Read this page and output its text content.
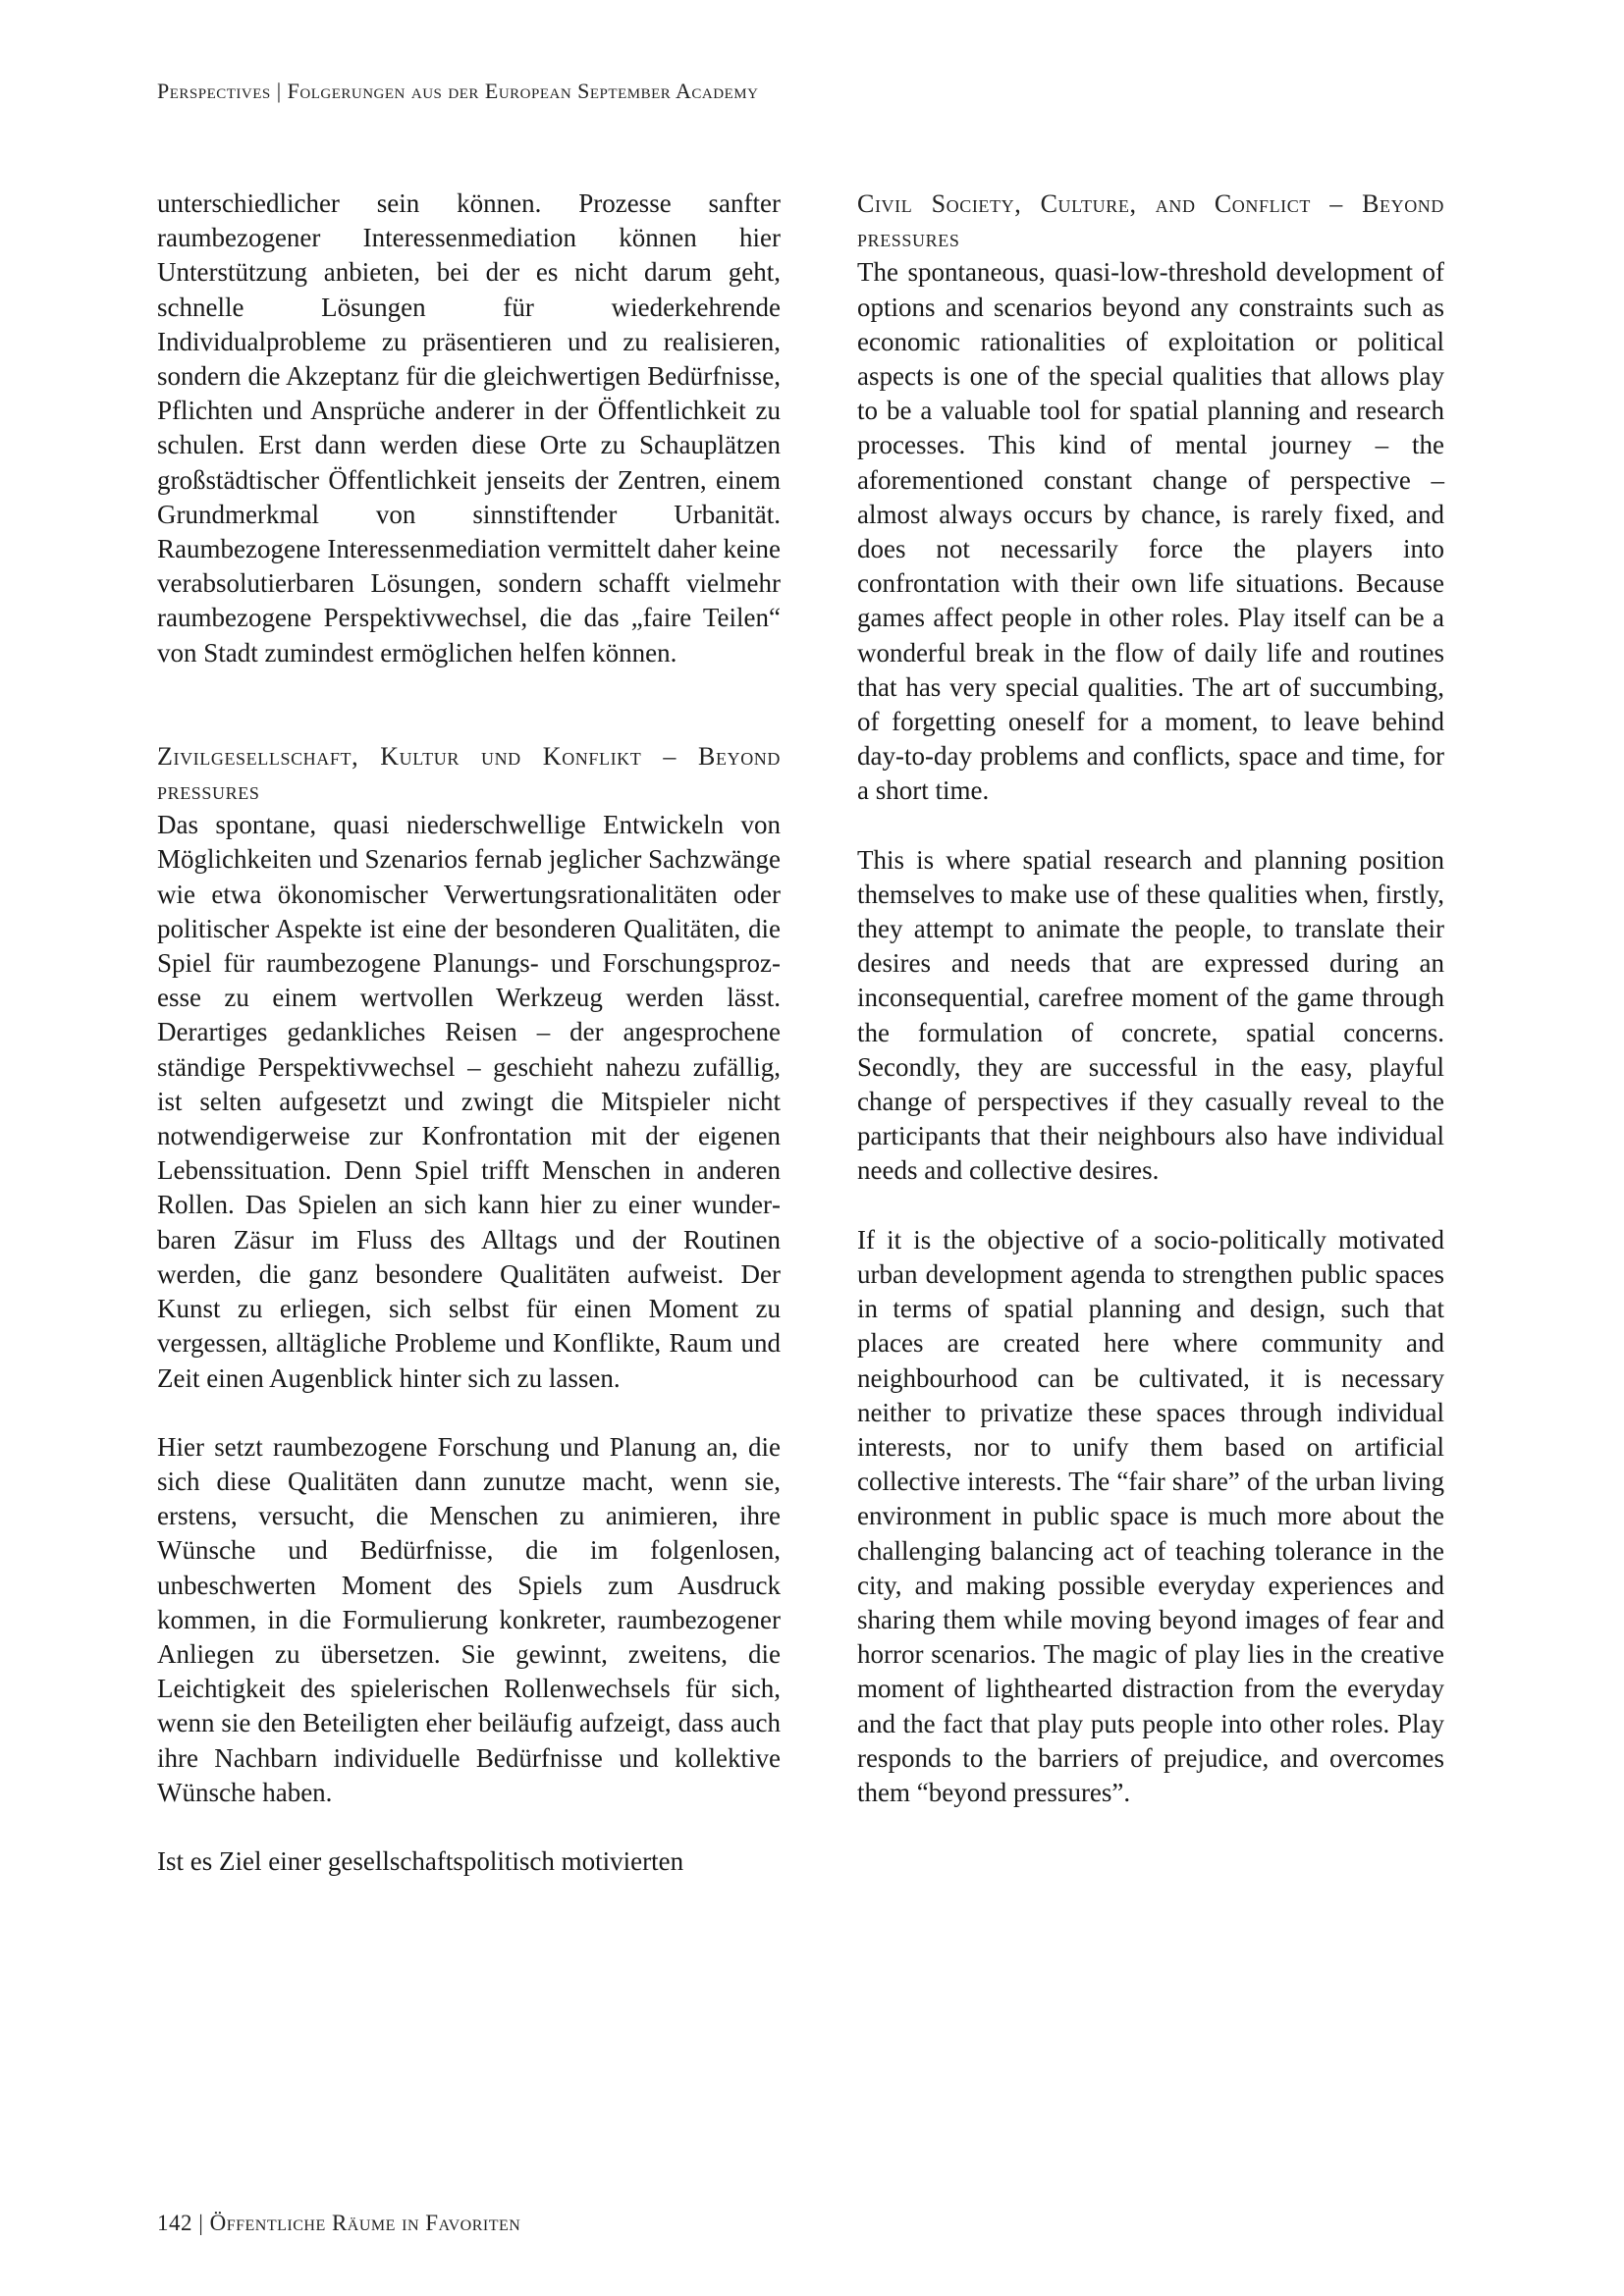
Perspectives | Folgerungen aus der European September Academy

unterschiedlicher sein können. Prozesse sanfter raumbezogener Interessenmediation können hier Unterstützung anbieten, bei der es nicht darum geht, schnelle Lösungen für wiederkehrende Individualprobleme zu präsentieren und zu realisieren, sondern die Akzeptanz für die gleichwertigen Bedürfnisse, Pflichten und Ansprüche anderer in der Öffentlichkeit zu schulen. Erst dann werden diese Orte zu Schauplätzen großstädtischer Öffentlichkeit jenseits der Zentren, einem Grundmerkmal von sinnstiftender Urbanität. Raumbezogene Interessenmediation vermittelt daher keine verabsolutierbaren Lösungen, sondern schafft vielmehr raumbezogene Perspektivwechsel, die das „faire Teilen“ von Stadt zumindest ermöglichen helfen können.

Zivilgesellschaft, Kultur und Konflikt – Beyond pressures

Das spontane, quasi niederschwellige Entwickeln von Möglichkeiten und Szenarios fernab jeglicher Sachzwänge wie etwa ökonomischer Verwertungsrationalitäten oder politischer Aspekte ist eine der besonderen Qualitäten, die Spiel für raumbezogene Planungs- und Forschungsprozesse zu einem wertvollen Werkzeug werden lässt. Derartiges gedankliches Reisen – der angesprochene ständige Perspektivwechsel – geschieht nahezu zufällig, ist selten aufgesetzt und zwingt die Mitspieler nicht notwendigerweise zur Konfrontation mit der eigenen Lebenssituation. Denn Spiel trifft Menschen in anderen Rollen. Das Spielen an sich kann hier zu einer wunderbaren Zäsur im Fluss des Alltags und der Routinen werden, die ganz besondere Qualitäten aufweist. Der Kunst zu erliegen, sich selbst für einen Moment zu vergessen, alltägliche Probleme und Konflikte, Raum und Zeit einen Augenblick hinter sich zu lassen.

Hier setzt raumbezogene Forschung und Planung an, die sich diese Qualitäten dann zunutze macht, wenn sie, erstens, versucht, die Menschen zu animieren, ihre Wünsche und Bedürfnisse, die im folgenlosen, unbeschwerten Moment des Spiels zum Ausdruck kommen, in die Formulierung konkreter, raumbezogener Anliegen zu übersetzen. Sie gewinnt, zweitens, die Leichtigkeit des spielerischen Rollenwechsels für sich, wenn sie den Beteiligten eher beiläufig aufzeigt, dass auch ihre Nachbarn individuelle Bedürfnisse und kollektive Wünsche haben.

Ist es Ziel einer gesellschaftspolitisch motivierten

Civil Society, Culture, and Conflict – Beyond pressures

The spontaneous, quasi-low-threshold development of options and scenarios beyond any constraints such as economic rationalities of exploitation or political aspects is one of the special qualities that allows play to be a valuable tool for spatial planning and research processes. This kind of mental journey – the aforementioned constant change of perspective – almost always occurs by chance, is rarely fixed, and does not necessarily force the players into confrontation with their own life situations. Because games affect people in other roles. Play itself can be a wonderful break in the flow of daily life and routines that has very special qualities. The art of succumbing, of forgetting oneself for a moment, to leave behind day-to-day problems and conflicts, space and time, for a short time.

This is where spatial research and planning position themselves to make use of these qualities when, firstly, they attempt to animate the people, to translate their desires and needs that are expressed during an inconsequential, carefree moment of the game through the formulation of concrete, spatial concerns. Secondly, they are successful in the easy, playful change of perspectives if they casually reveal to the participants that their neighbours also have individual needs and collective desires.

If it is the objective of a socio-politically motivated urban development agenda to strengthen public spaces in terms of spatial planning and design, such that places are created here where community and neighbourhood can be cultivated, it is necessary neither to privatize these spaces through individual interests, nor to unify them based on artificial collective interests. The “fair share” of the urban living environment in public space is much more about the challenging balancing act of teaching tolerance in the city, and making possible everyday experiences and sharing them while moving beyond images of fear and horror scenarios. The magic of play lies in the creative moment of lighthearted distraction from the everyday and the fact that play puts people into other roles. Play responds to the barriers of prejudice, and overcomes them “beyond pressures”.

142 | Öffentliche Räume in Favoriten
